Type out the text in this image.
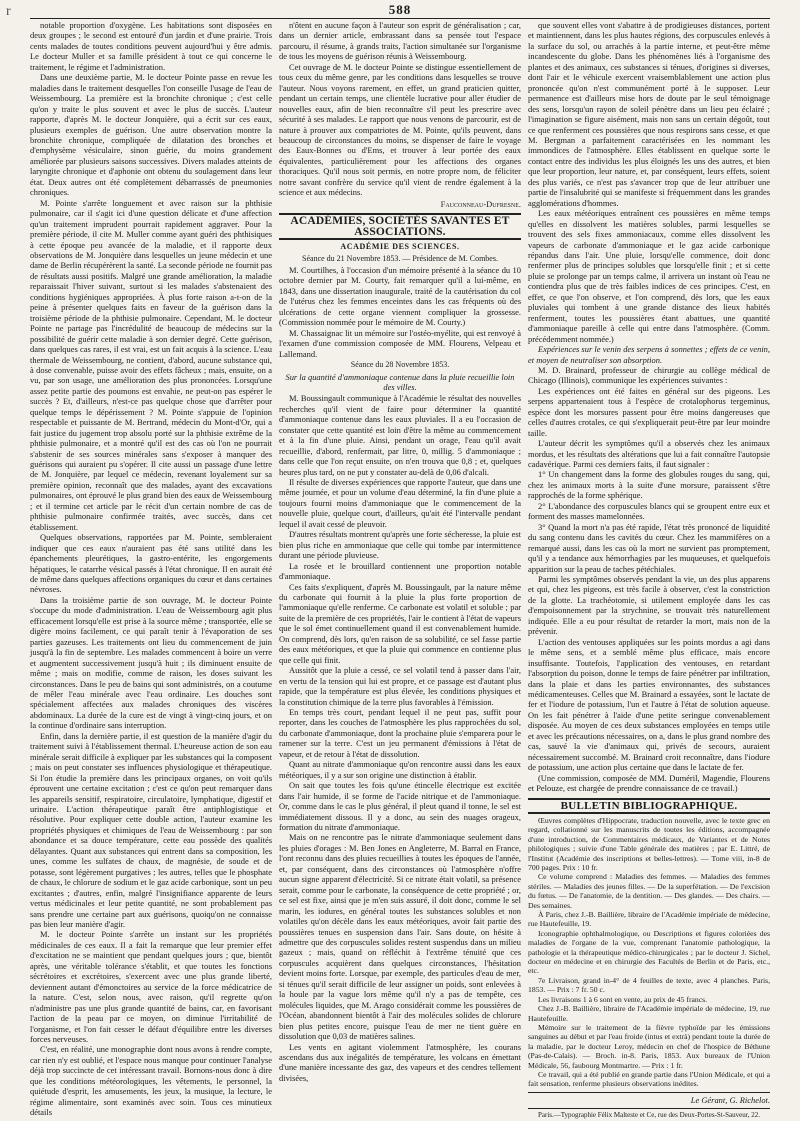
r	588

notable proportion d'oxygène. Les habitations sont disposées en deux groupes ; le second est entouré d'un jardin et d'une prairie. Trois cents malades de toutes conditions peuvent aujourd'hui y être admis. Le docteur Muller et sa famille président à tout ce qui concerne le traitement, le régime et l'administration.

Dans une deuxième partie, M. le docteur Pointe passe en revue les maladies dans le traitement desquelles l'on conseille l'usage de l'eau de Weissembourg. La première est la bronchite chronique ; c'est celle qu'on y traite le plus souvent et avec le plus de succès. L'auteur rapporte, d'après M. le docteur Jonquière, qui a écrit sur ces eaux, plusieurs exemples de guérison. Une autre observation montre la bronchite chronique, compliquée de dilatation des bronches et d'emphysème vésiculaire, sinon guérie, du moins grandement améliorée par plusieurs saisons successives. Divers malades atteints de laryngite chronique et d'aphonie ont obtenu du soulagement dans leur état. Deux autres ont été complètement débarrassés de pneumonies chroniques.

M. Pointe s'arrête longuement et avec raison sur la phthisie pulmonaire, car il s'agit ici d'une question délicate et d'une affection qu'un traitement imprudent pourrait rapidement aggraver. Pour la première période, il cite M. Muller comme ayant guéri des phthisiques à cette époque peu avancée de la maladie, et il rapporte deux observations de M. Jonquière dans lesquelles un jeune médecin et une dame de Berlin récupérèrent la santé. La seconde période ne fournit pas de résultats aussi positifs. Malgré une grande amélioration, la maladie reparaissait l'hiver suivant, surtout si les malades s'abstenaient des conditions hygiéniques appropriées. À plus forte raison a-t-on de la peine à présenter quelques faits en faveur de la guérison dans la troisième période de la phthisie pulmonaire. Cependant, M. le docteur Pointe ne partage pas l'incrédulité de beaucoup de médecins sur la possibilité de guérir cette maladie à son dernier degré. Cette guérison, dans quelques cas rares, il est vrai, est un fait acquis à la science. L'eau thermale de Weissembourg, ne contient, d'abord, aucune substance qui, à dose convenable, puisse avoir des effets fâcheux ; mais, ensuite, on a vu, par son usage, une amélioration des plus prononcées. Lorsqu'une assez petite partie des poumons est envahie, ne peut-on pas espérer le succès ? Et, d'ailleurs, n'est-ce pas quelque chose que d'arrêter pour quelque temps le dépérissement ? M. Pointe s'appuie de l'opinion respectable et puissante de M. Bertrand, médecin du Mont-d'Or, qui a fait justice du jugement trop absolu porté sur la phthisie extrême de la phthisie pulmonaire, et a montré qu'il est des cas où l'on ne pourrait s'abstenir de ses sources minérales sans s'exposer à manquer des guérisons qui auraient pu s'opérer. Il cite aussi un passage d'une lettre de M. Jonquière, par lequel ce médecin, revenant loyalement sur sa première opinion, reconnaît que des malades, ayant des excavations pulmonaires, ont éprouvé le plus grand bien des eaux de Weissembourg ; et il termine cet article par le récit d'un certain nombre de cas de phthisie pulmonaire confirmée traités, avec succès, dans cet établissement.

Quelques observations, rapportées par M. Pointe, sembleraient indiquer que ces eaux n'auraient pas été sans utilité dans les épanchements pleurétiques, la gastro-entérite, les engorgements hépatiques, le catarrhe vésical passés à l'état chronique. Il en aurait été de même dans quelques affections organiques du cœur et dans certaines névroses.

Dans la troisième partie de son ouvrage, M. le docteur Pointe s'occupe du mode d'administration. L'eau de Weissembourg agit plus efficacement lorsqu'elle est prise à la source même ; transportée, elle se digère moins facilement, ce qui paraît tenir à l'évaporation de ses parties gazeuses. Les traitements ont lieu du commencement de juin jusqu'à la fin de septembre. Les malades commencent à boire un verre et augmentent successivement jusqu'à huit ; ils diminuent ensuite de même ; mais on modifie, comme de raison, les doses suivant les circonstances. Dans le peu de bains qui sont administrés, on a coutume de mêler l'eau minérale avec l'eau ordinaire. Les douches sont spécialement affectées aux malades chroniques des viscères abdominaux. La durée de la cure est de vingt à vingt-cinq jours, et on la continue d'ordinaire sans interruption.

Enfin, dans la dernière partie, il est question de la manière d'agir du traitement suivi à l'établissement thermal. L'heureuse action de son eau minérale serait difficile à expliquer par les substances qui la composent ; mais on peut constater ses influences physiologique et thérapeutique. Si l'on étudie la première dans les principaux organes, on voit qu'ils éprouvent une certaine excitation ; c'est ce qu'on peut remarquer dans les appareils sensitif, respiratoire, circulatoire, lymphatique, digestif et urinaire. L'action thérapeutique paraît être antiphlogistique et résolutive. Pour expliquer cette double action, l'auteur examine les propriétés physiques et chimiques de l'eau de Weissembourg : par son abondance et sa douce température, cette eau possède des qualités délayantes. Quant aux substances qui entrent dans sa composition, les unes, comme les sulfates de chaux, de magnésie, de soude et de potasse, sont légèrement purgatives ; les autres, telles que le phosphate de chaux, le chlorure de sodium et le gaz acide carbonique, sont un peu excitantes ; d'autres, enfin, malgré l'insignifiance apparente de leurs vertus médicinales et leur petite quantité, ne sont probablement pas sans prendre une certaine part aux guérisons, quoiqu'on ne connaisse pas bien leur manière d'agir.

M. le docteur Pointe s'arrête un instant sur les propriétés médicinales de ces eaux. Il a fait la remarque que leur premier effet d'excitation ne se maintient que pendant quelques jours ; que, bientôt après, une véritable tolérance s'établit, et que toutes les fonctions sécrétoires et excrétoires, s'exercent avec une plus grande liberté, deviennent autant d'émonctoires au service de la force médicatrice de la nature. C'est, selon nous, avec raison, qu'il regrette qu'on n'administre pas une plus grande quantité de bains, car, en favorisant l'action de la peau par ce moyen, on diminue l'irritabilité de l'organisme, et l'on fait cesser le défaut d'équilibre entre les diverses forces nerveuses.

C'est, en réalité, une monographie dont nous avons à rendre compte, car rien n'y est oublié, et l'espace nous manque pour continuer l'analyse déjà trop succincte de cet intéressant travail. Bornons-nous donc à dire que les conditions météorologiques, les vêtements, le personnel, la quiétude d'esprit, les amusements, les jeux, la musique, la lecture, le régime alimentaire, sont examinés avec soin. Tous ces minutieux détails

n'ôtent en aucune façon à l'auteur son esprit de généralisation ; car, dans un dernier article, embrassant dans sa pensée tout l'espace parcouru, il résume, à grands traits, l'action simultanée sur l'organisme de tous les moyens de guérison réunis à Weissembourg.

Cet ouvrage de M. le docteur Pointe se distingue essentiellement de tous ceux du même genre, par les conditions dans lesquelles se trouve l'auteur. Nous voyons rarement, en effet, un grand praticien quitter, pendant un certain temps, une clientèle lucrative pour aller étudier de nouvelles eaux, afin de bien reconnaître s'il peut les prescrire avec sécurité à ses malades. Le rapport que nous venons de parcourir, est de nature à prouver aux compatriotes de M. Pointe, qu'ils peuvent, dans beaucoup de circonstances du moins, se dispenser de faire le voyage des Eaux-Bonnes ou d'Ems, et trouver à leur portée des eaux équivalentes, particulièrement pour les affections des organes thoraciques. Qu'il nous soit permis, en notre propre nom, de féliciter notre savant confrère du service qu'il vient de rendre également à la science et aux médecins.

Fauconneau-Dufresne.
ACADÉMIES, SOCIÉTÉS SAVANTES ET ASSOCIATIONS.
ACADÉMIE DES SCIENCES.
Séance du 21 Novembre 1853. — Présidence de M. Combes.

M. Courtilhes, à l'occasion d'un mémoire présenté à la séance du 10 octobre dernier par M. Courty, fait remarquer qu'il a lui-même, en 1843, dans une dissertation inaugurale, traité de la cautérisation du col de l'utérus chez les femmes enceintes dans les cas fréquents où des ulcérations de cette organe viennent compliquer la grossesse. (Commission nommée pour le mémoire de M. Courty.)

M. Chassaignac lit un mémoire sur l'ostéo-myélite, qui est renvoyé à l'examen d'une commission composée de MM. Flourens, Velpeau et Lallemand.

Séance du 28 Novembre 1853.
Sur la quantité d'ammoniaque contenue dans la pluie recueillie loin des villes.

M. Boussingault communique à l'Académie le résultat des nouvelles recherches qu'il vient de faire pour déterminer la quantité d'ammoniaque contenue dans les eaux pluviales. Il a eu l'occasion de constater que cette quantité est loin d'être la même au commencement et à la fin d'une pluie. Ainsi, pendant un orage, l'eau qu'il avait recueillie, d'abord, renfermait, par litre, 0, millig. 5 d'ammoniaque ; dans celle que l'on reçut ensuite, on n'en trouva que 0,8 ; et, quelques heures plus tard, on ne put y constater au-delà de 0,06 d'alcali.

Il résulte de diverses expériences que rapporte l'auteur, que dans une même journée, et pour un volume d'eau déterminé, la fin d'une pluie a toujours fourni moins d'ammoniaque que le commencement de la nouvelle pluie, quelque court, d'ailleurs, qu'ait été l'intervalle pendant lequel il avait cessé de pleuvoir.

D'autres résultats montrent qu'après une forte sécheresse, la pluie est bien plus riche en ammoniaque que celle qui tombe par intermittence durant une période pluvieuse.

La rosée et le brouillard contiennent une proportion notable d'ammoniaque.

Ces faits s'expliquent, d'après M. Boussingault, par la nature même du carbonate qui fournit à la pluie la plus forte proportion de l'ammoniaque qu'elle renferme. Ce carbonate est volatil et soluble ; par suite de la première de ces propriétés, l'air le contient à l'état de vapeurs que le sol émet continuellement quand il est convenablement humide. On comprend, dès lors, qu'en raison de sa solubilité, ce sel fasse partie des eaux météoriques, et que la pluie qui commence en contienne plus que celle qui finit.

Aussitôt que la pluie a cessé, ce sel volatil tend à passer dans l'air, en vertu de la tension qui lui est propre, et ce passage est d'autant plus rapide, que la température est plus élevée, les conditions physiques et la constitution chimique de la terre plus favorables à l'émission.

En temps très court, pendant lequel il ne peut pas, suffit pour reporter, dans les couches de l'atmosphère les plus rapprochées du sol, du carbonate d'ammoniaque, dont la prochaine pluie s'emparera pour le ramener sur la terre. C'est un jeu permanent d'émissions à l'état de vapeur, et de retour à l'état de dissolution.

Quant au nitrate d'ammoniaque qu'on rencontre aussi dans les eaux météoriques, il y a sur son origine une distinction à établir.

On sait que toutes les fois qu'une étincelle électrique est excitée dans l'air humide, il se forme de l'acide nitrique et de l'ammoniaque. Or, comme dans le cas le plus général, il pleut quand il tonne, le sel est immédiatement dissous. Il y a donc, au sein des nuages orageux, formation du nitrate d'ammoniaque.

Mais on ne rencontre pas le nitrate d'ammoniaque seulement dans les pluies d'orages : M. Ben Jones en Angleterre, M. Barral en France, l'ont reconnu dans des pluies recueillies à toutes les époques de l'année, et, par conséquent, dans des circonstances où l'atmosphère n'offre aucun signe apparent d'électricité. Si ce nitrate était volatil, sa présence serait, comme pour le carbonate, la conséquence de cette propriété ; or, ce sel est fixe, ainsi que je m'en suis assuré, il doit donc, comme le sel marin, les iodures, en général toutes les substances solubles et non volatiles qu'on décèle dans les eaux météoriques, avoir fait partie des poussières tenues en suspension dans l'air. Sans doute, on hésite à admettre que des corpuscules solides restent suspendus dans un milieu gazeux ; mais, quand on réfléchit à l'extrême ténuité que ces corpuscules acquièrent dans quelques circonstances, l'hésitation devient moins forte. Lorsque, par exemple, des particules d'eau de mer, si ténues qu'il serait difficile de leur assigner un poids, sont enlevées à la houle par la vague lors même qu'il n'y a pas de tempête, ces molécules liquides, que M. Arago considérait comme les poussières de l'Océan, abandonnent bientôt à l'air des molécules solides de chlorure bien plus petites encore, puisque l'eau de mer ne tient guère en dissolution que 0,03 de matières salines.

Les vents en agitant violemment l'atmosphère, les courans ascendans dus aux inégalités de température, les volcans en émettant d'une manière incessante des gaz, des vapeurs et des cendres tellement divisées,

que souvent elles vont s'abattre à de prodigieuses distances, portent et maintiennent, dans les plus hautes régions, des corpuscules enlevés à la surface du sol, ou arrachés à la partie interne, et peut-être même incandescente du globe. Dans les phénomènes liés à l'organisme des plantes et des animaux, ces substances si ténues, d'origines si diverses, dont l'air et le véhicule exercent vraisemblablement une action plus prononcée qu'on n'est communément porté à le supposer. Leur permanence est d'ailleurs mise hors de doute par le seul témoignage des sens, lorsqu'un rayon de soleil pénètre dans un lieu peu éclairé ; l'imagination se figure aisément, mais non sans un certain dégoût, tout ce que renferment ces poussières que nous respirons sans cesse, et que M. Bergman a parfaitement caractérisées en les nommant les immondices de l'atmosphère. Elles établissent en quelque sorte le contact entre des individus les plus éloignés les uns des autres, et bien que leur proportion, leur nature, et, par conséquent, leurs effets, soient des plus variés, ce n'est pas s'avancer trop que de leur attribuer une partie de l'insalubrité qui se manifeste si fréquemment dans les grandes agglomérations d'hommes.

Les eaux météoriques entraînent ces poussières en même temps qu'elles en dissolvent les matières solubles, parmi lesquelles se trouvent des sels fixes ammoniacaux, comme elles dissolvent les vapeurs de carbonate d'ammoniaque et le gaz acide carbonique répandus dans l'air. Une pluie, lorsqu'elle commence, doit donc renfermer plus de principes solubles que lorsqu'elle finit ; et si cette pluie se prolonge par un temps calme, il arrivera un instant où l'eau ne contiendra plus que de très faibles indices de ces principes. C'est, en effet, ce que l'on observe, et l'on comprend, dès lors, que les eaux pluviales qui tombent à une grande distance des lieux habités renferment, toutes les poussières étant abattues, une quantité d'ammoniaque pareille à celle qui entre dans l'atmosphère. (Comm. précédemment nommée.)

Expériences sur le venin des serpens à sonnettes ; effets de ce venin, et moyen de neutraliser son absorption.

M. D. Brainard, professeur de chirurgie au collège médical de Chicago (Illinois), communique les expériences suivantes :

Les expériences ont été faites en général sur des pigeons. Les serpens appartenaient tous à l'espèce de crotalophorus tergeminus, espèce dont les morsures passent pour être moins dangereuses que celles d'autres crotales, ce qui s'expliquerait peut-être par leur moindre taille.

L'auteur décrit les symptômes qu'il a observés chez les animaux mordus, et les résultats des altérations que lui a fait connaître l'autopsie cadavérique. Parmi ces derniers faits, il faut signaler :

1° Un changement dans la forme des globules rouges du sang, qui, chez les animaux morts à la suite d'une morsure, paraissent s'être rapprochés de la forme sphérique.

2° L'abondance des corpuscules blancs qui se groupent entre eux et forment des masses mamelonnées.

3° Quand la mort n'a pas été rapide, l'état très prononcé de liquidité du sang contenu dans les cavités du cœur. Chez les mammifères on a remarqué aussi, dans les cas où la mort ne survient pas promptement, qu'il y a tendance aux hémorrhagies par les muqueuses, et quelquefois apparition sur la peau de taches pétéchiales.

Parmi les symptômes observés pendant la vie, un des plus apparens et qui, chez les pigeons, est très facile à observer, c'est la constriction de la glotte. La trachéotomie, si utilement employée dans les cas d'empoisonnement par la strychnine, se trouvait très naturellement indiquée. Elle a eu pour résultat de retarder la mort, mais non de la prévenir.

L'action des ventouses appliquées sur les points mordus a agi dans le même sens, et a semblé même plus efficace, mais encore insuffisante. Toutefois, l'application des ventouses, en retardant l'absorption du poison, donne le temps de faire pénétrer par infiltration, dans la plaie et dans les parties environnantes, des substances médicamenteuses. Celles que M. Brainard a essayées, sont le lactate de fer et l'iodure de potassium, l'un et l'autre à l'état de solution aqueuse. On les fait pénétrer à l'aide d'une petite seringue convenablement disposée. Au moyen de ces deux substances employées en temps utile et avec les précautions nécessaires, on a, dans le plus grand nombre des cas, sauvé la vie d'animaux qui, privés de secours, auraient nécessairement succombé. M. Brainard croit reconnaître, dans l'iodure de potassium, une action plus certaine que dans le lactate de fer.

(Une commission, composée de MM. Duméril, Magendie, Flourens et Pelouze, est chargée de prendre connaissance de ce travail.)

BULLETIN BIBLIOGRAPHIQUE.

Œuvres complètes d'Hippocrate, traduction nouvelle, avec le texte grec en regard, collationné sur les manuscrits de toutes les éditions, accompagnée d'une introduction, de Commentaires médicaux, de Variantes et de Notes philologiques ; suivie d'une Table générale des matières ; par E. Littré, de l'Institut (Académie des inscriptions et belles-lettres). — Tome viii, in-8 de 700 pages. Prix : 10 fr.

Ce volume comprend : Maladies des femmes. — Maladies des femmes stériles. — Maladies des jeunes filles. — De la superfétation. — De l'excision du fœtus. — De l'anatomie, de la dentition. — Des glandes. — Des chairs. — Des semaines.

À Paris, chez J.-B. Baillière, libraire de l'Académie impériale de médecine, rue Hautefeuille, 19.

Iconographie ophthalmologique, ou Descriptions et figures coloriées des maladies de l'organe de la vue, comprenant l'anatomie pathologique, la pathologie et la thérapeutique médico-chirurgicales ; par le docteur J. Sichel, docteur en médecine et en chirurgie des Facultés de Berlin et de Paris, etc., etc.

7e Livraison, grand in-4° de 4 feuilles de texte, avec 4 planches. Paris, 1853. — Prix : 7 fr. 50 c.

Les livraisons 1 à 6 sont en vente, au prix de 45 francs.

Chez J.-B. Baillière, libraire de l'Académie impériale de médecine, 19, rue Hautefeuille.

Mémoire sur le traitement de la fièvre typhoïde par les émissions sanguines au début et par l'eau froide (intus et extrà) pendant toute la durée de la maladie, par le docteur Leroy, médecin en chef de l'hospice de Béthune (Pas-de-Calais). — Broch. in-8. Paris, 1853. Aux bureaux de l'Union Médicale, 56, faubourg Montmartre. — Prix : 1 fr.

Ce travail, qui a été publié en grande partie dans l'Union Médicale, et qui a fait sensation, renferme plusieurs observations inédites.

Le Gérant, G. Richelot.
Paris.—Typographie Félix Malteste et Ce, rue des Deux-Portes-St-Sauveur, 22.
